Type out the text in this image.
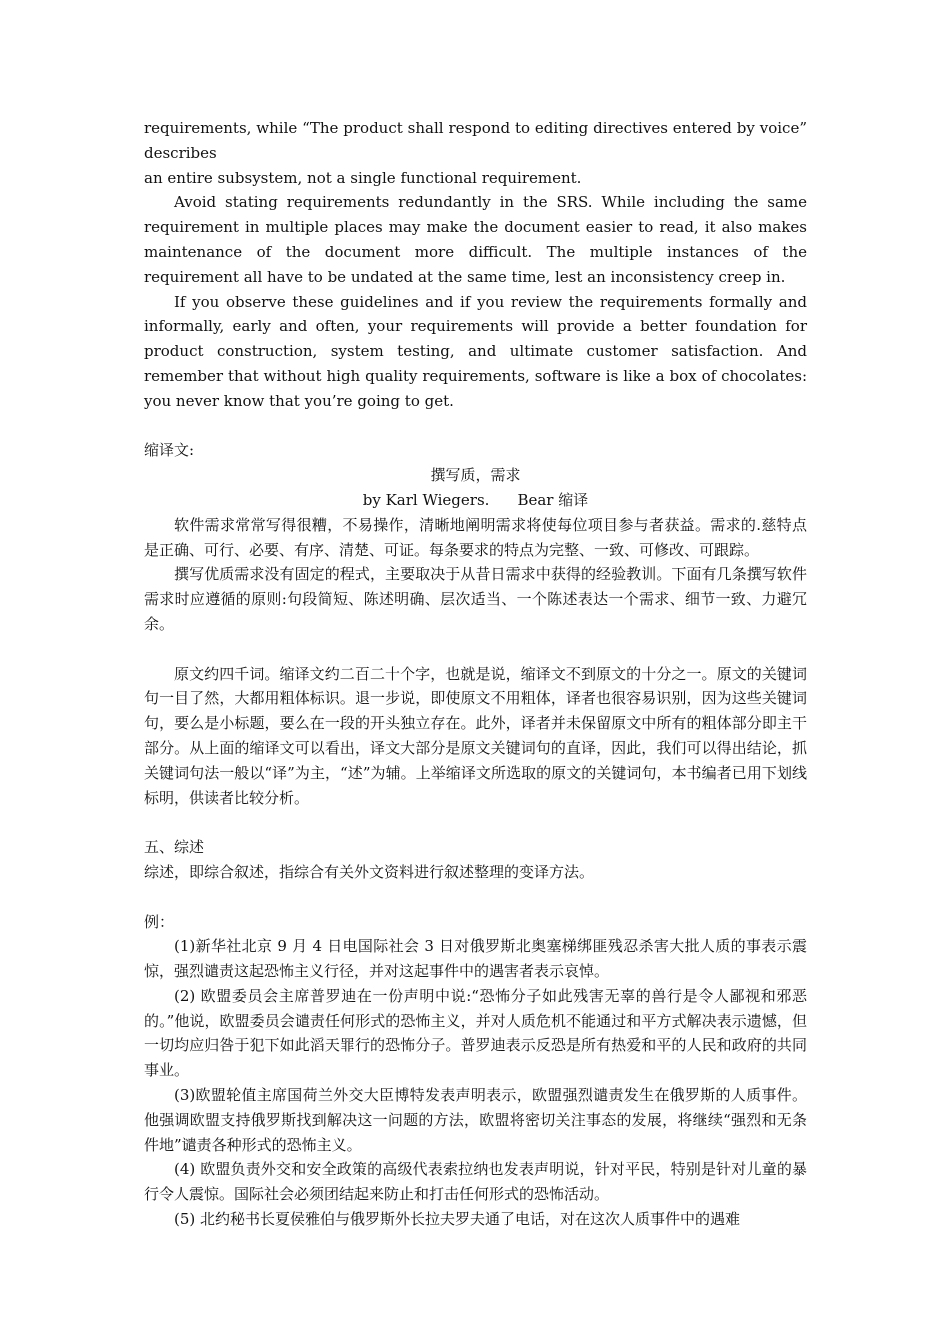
requirements, while “The product shall respond to editing directives entered by voice” describes

an entire subsystem, not a single functional requirement.

Avoid stating requirements redundantly in the SRS. While including the same requirement in multiple places may make the document easier to read, it also makes maintenance of the document more difficult. The multiple instances of the requirement all have to be undated at the same time, lest an inconsistency creep in.

If you observe these guidelines and if you review the requirements formally and informally, early and often, your requirements will provide a better foundation for product construction, system testing, and ultimate customer satisfaction. And remember that without high quality requirements, software is like a box of chocolates: you never know that you’re going to get.

缩译文:

撰写质，需求

by Karl Wiegers. Bear 缩译

软件需求常常写得很糟，不易操作，清晰地阐明需求将使每位项目参与者获益。需求的.慈特点是正确、可行、必要、有序、清楚、可证。每条要求的特点为完整、一致、可修改、可跟踪。

撰写优质需求没有固定的程式，主要取决于从昔日需求中获得的经验教训。下面有几条撰写软件需求时应遵循的原则:句段简短、陈述明确、层次适当、一个陈述表达一个需求、细节一致、力避冗余。

原文约四千词。缩译文约二百二十个字，也就是说，缩译文不到原文的十分之一。原文的关键词句一目了然，大都用粗体标识。退一步说，即使原文不用粗体，译者也很容易识别，因为这些关键词句，要么是小标题，要么在一段的开头独立存在。此外，译者并未保留原文中所有的粗体部分即主干部分。从上面的缩译文可以看出，译文大部分是原文关键词句的直译，因此，我们可以得出结论，抓关键词句法一般以“译”为主，“述”为辅。上举缩译文所选取的原文的关键词句，本书编者已用下划线标明，供读者比较分析。

五、综述

综述，即综合叙述，指综合有关外文资料进行叙述整理的变译方法。

例：

(1)新华社北京 9 月 4 日电国际社会 3 日对俄罗斯北奥塞梯绑匪残忍杀害大批人质的事表示震惊，强烈谴责这起恐怖主义行径，并对这起事件中的遇害者表示哀悼。

(2) 欧盟委员会主席普罗迪在一份声明中说:“恐怖分子如此残害无辜的兽行是令人鄙视和邪恶的。”他说，欧盟委员会谴责任何形式的恐怖主义，并对人质危机不能通过和平方式解决表示遗憾，但一切均应归咎于犯下如此滔天罪行的恐怖分子。普罗迪表示反恐是所有热爱和平的人民和政府的共同事业。

(3)欧盟轮值主席国荷兰外交大臣博特发表声明表示，欧盟强烈谴责发生在俄罗斯的人质事件。他强调欧盟支持俄罗斯找到解决这一问题的方法，欧盟将密切关注事态的发展，将继续“强烈和无条件地”谴责各种形式的恐怖主义。

(4) 欧盟负责外交和安全政策的高级代表索拉纳也发表声明说，针对平民，特别是针对儿童的暴行令人震惊。国际社会必须团结起来防止和打击任何形式的恐怖活动。

(5) 北约秘书长夏侯雅伯与俄罗斯外长拉夫罗夫通了电话，对在这次人质事件中的遇难
